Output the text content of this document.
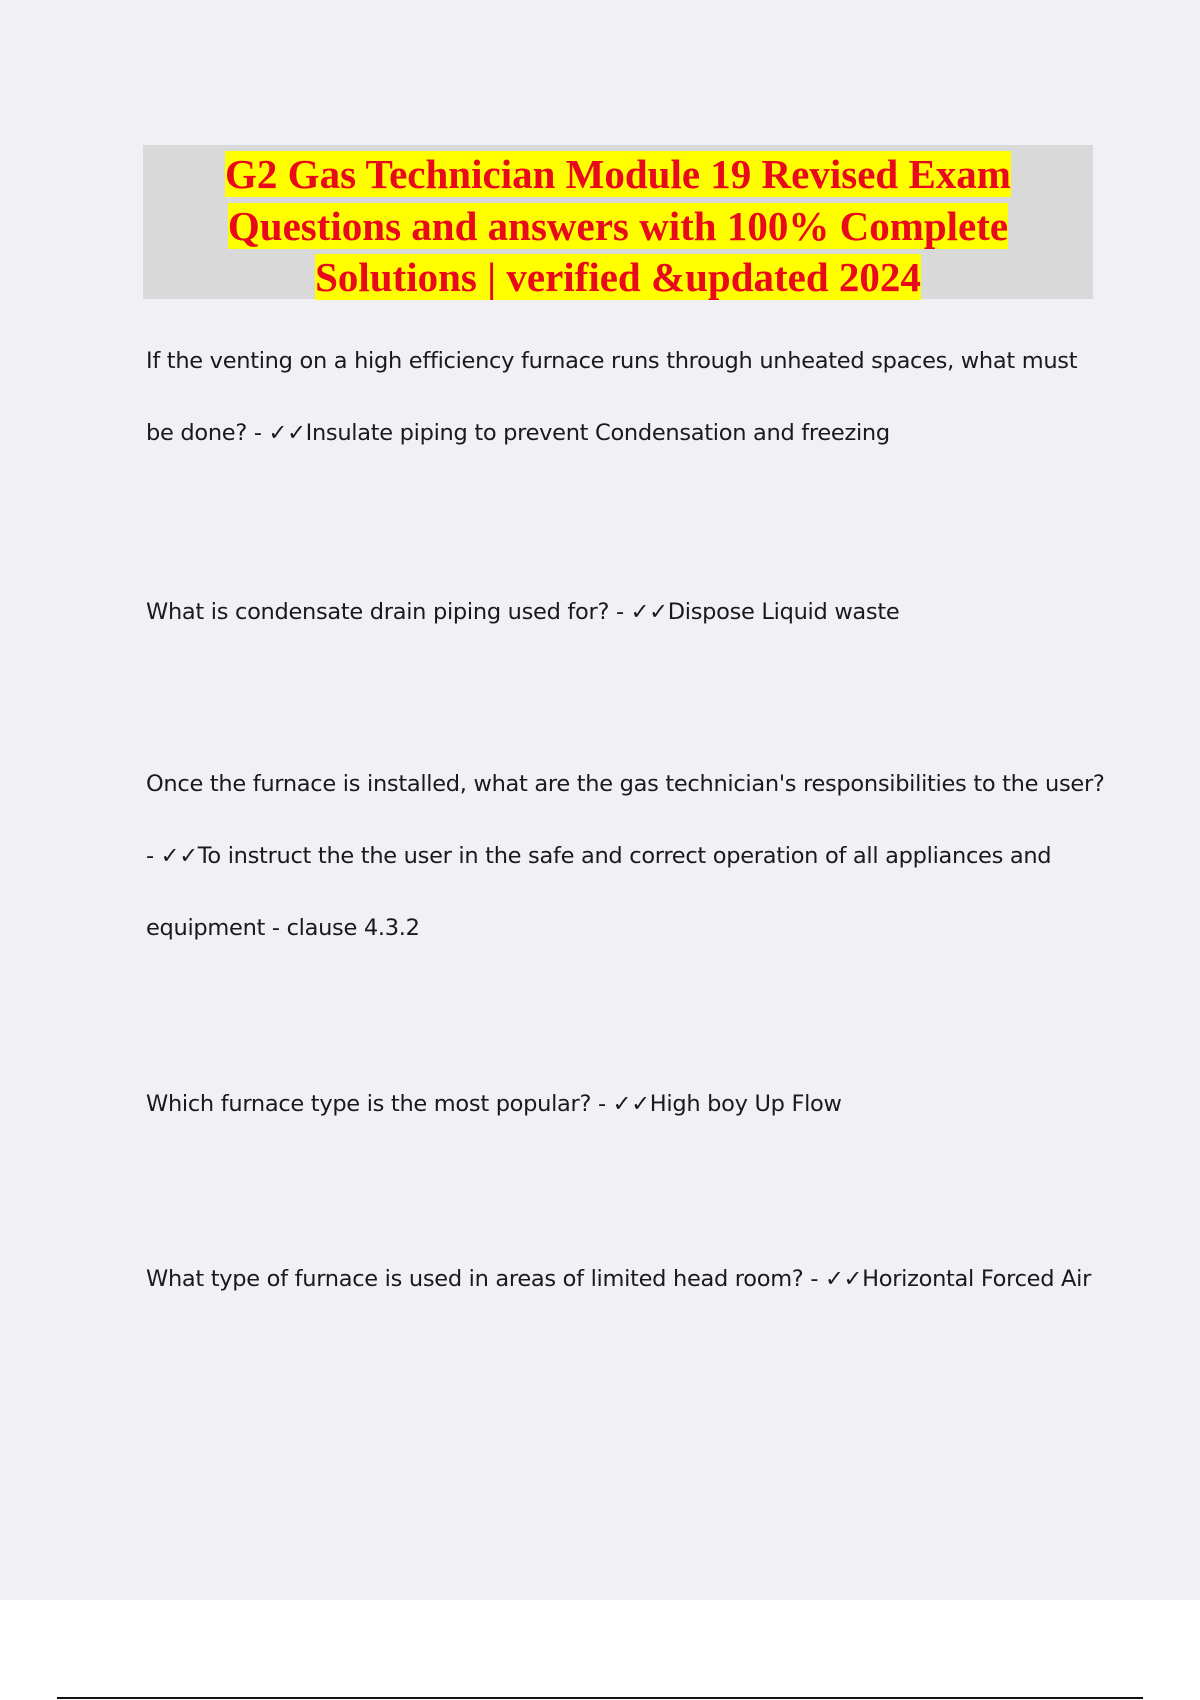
G2 Gas Technician Module 19 Revised Exam
Questions and answers with 100% Complete
Solutions | verified &updated 2024

If the venting on a high efficiency furnace runs through unheated spaces, what must be done? - ✓✓Insulate piping to prevent Condensation and freezing

What is condensate drain piping used for? - ✓✓Dispose Liquid waste

Once the furnace is installed, what are the gas technician's responsibilities to the user? - ✓✓To instruct the the user in the safe and correct operation of all appliances and equipment - clause 4.3.2

Which furnace type is the most popular? - ✓✓High boy Up Flow

What type of furnace is used in areas of limited head room? - ✓✓Horizontal Forced Air
